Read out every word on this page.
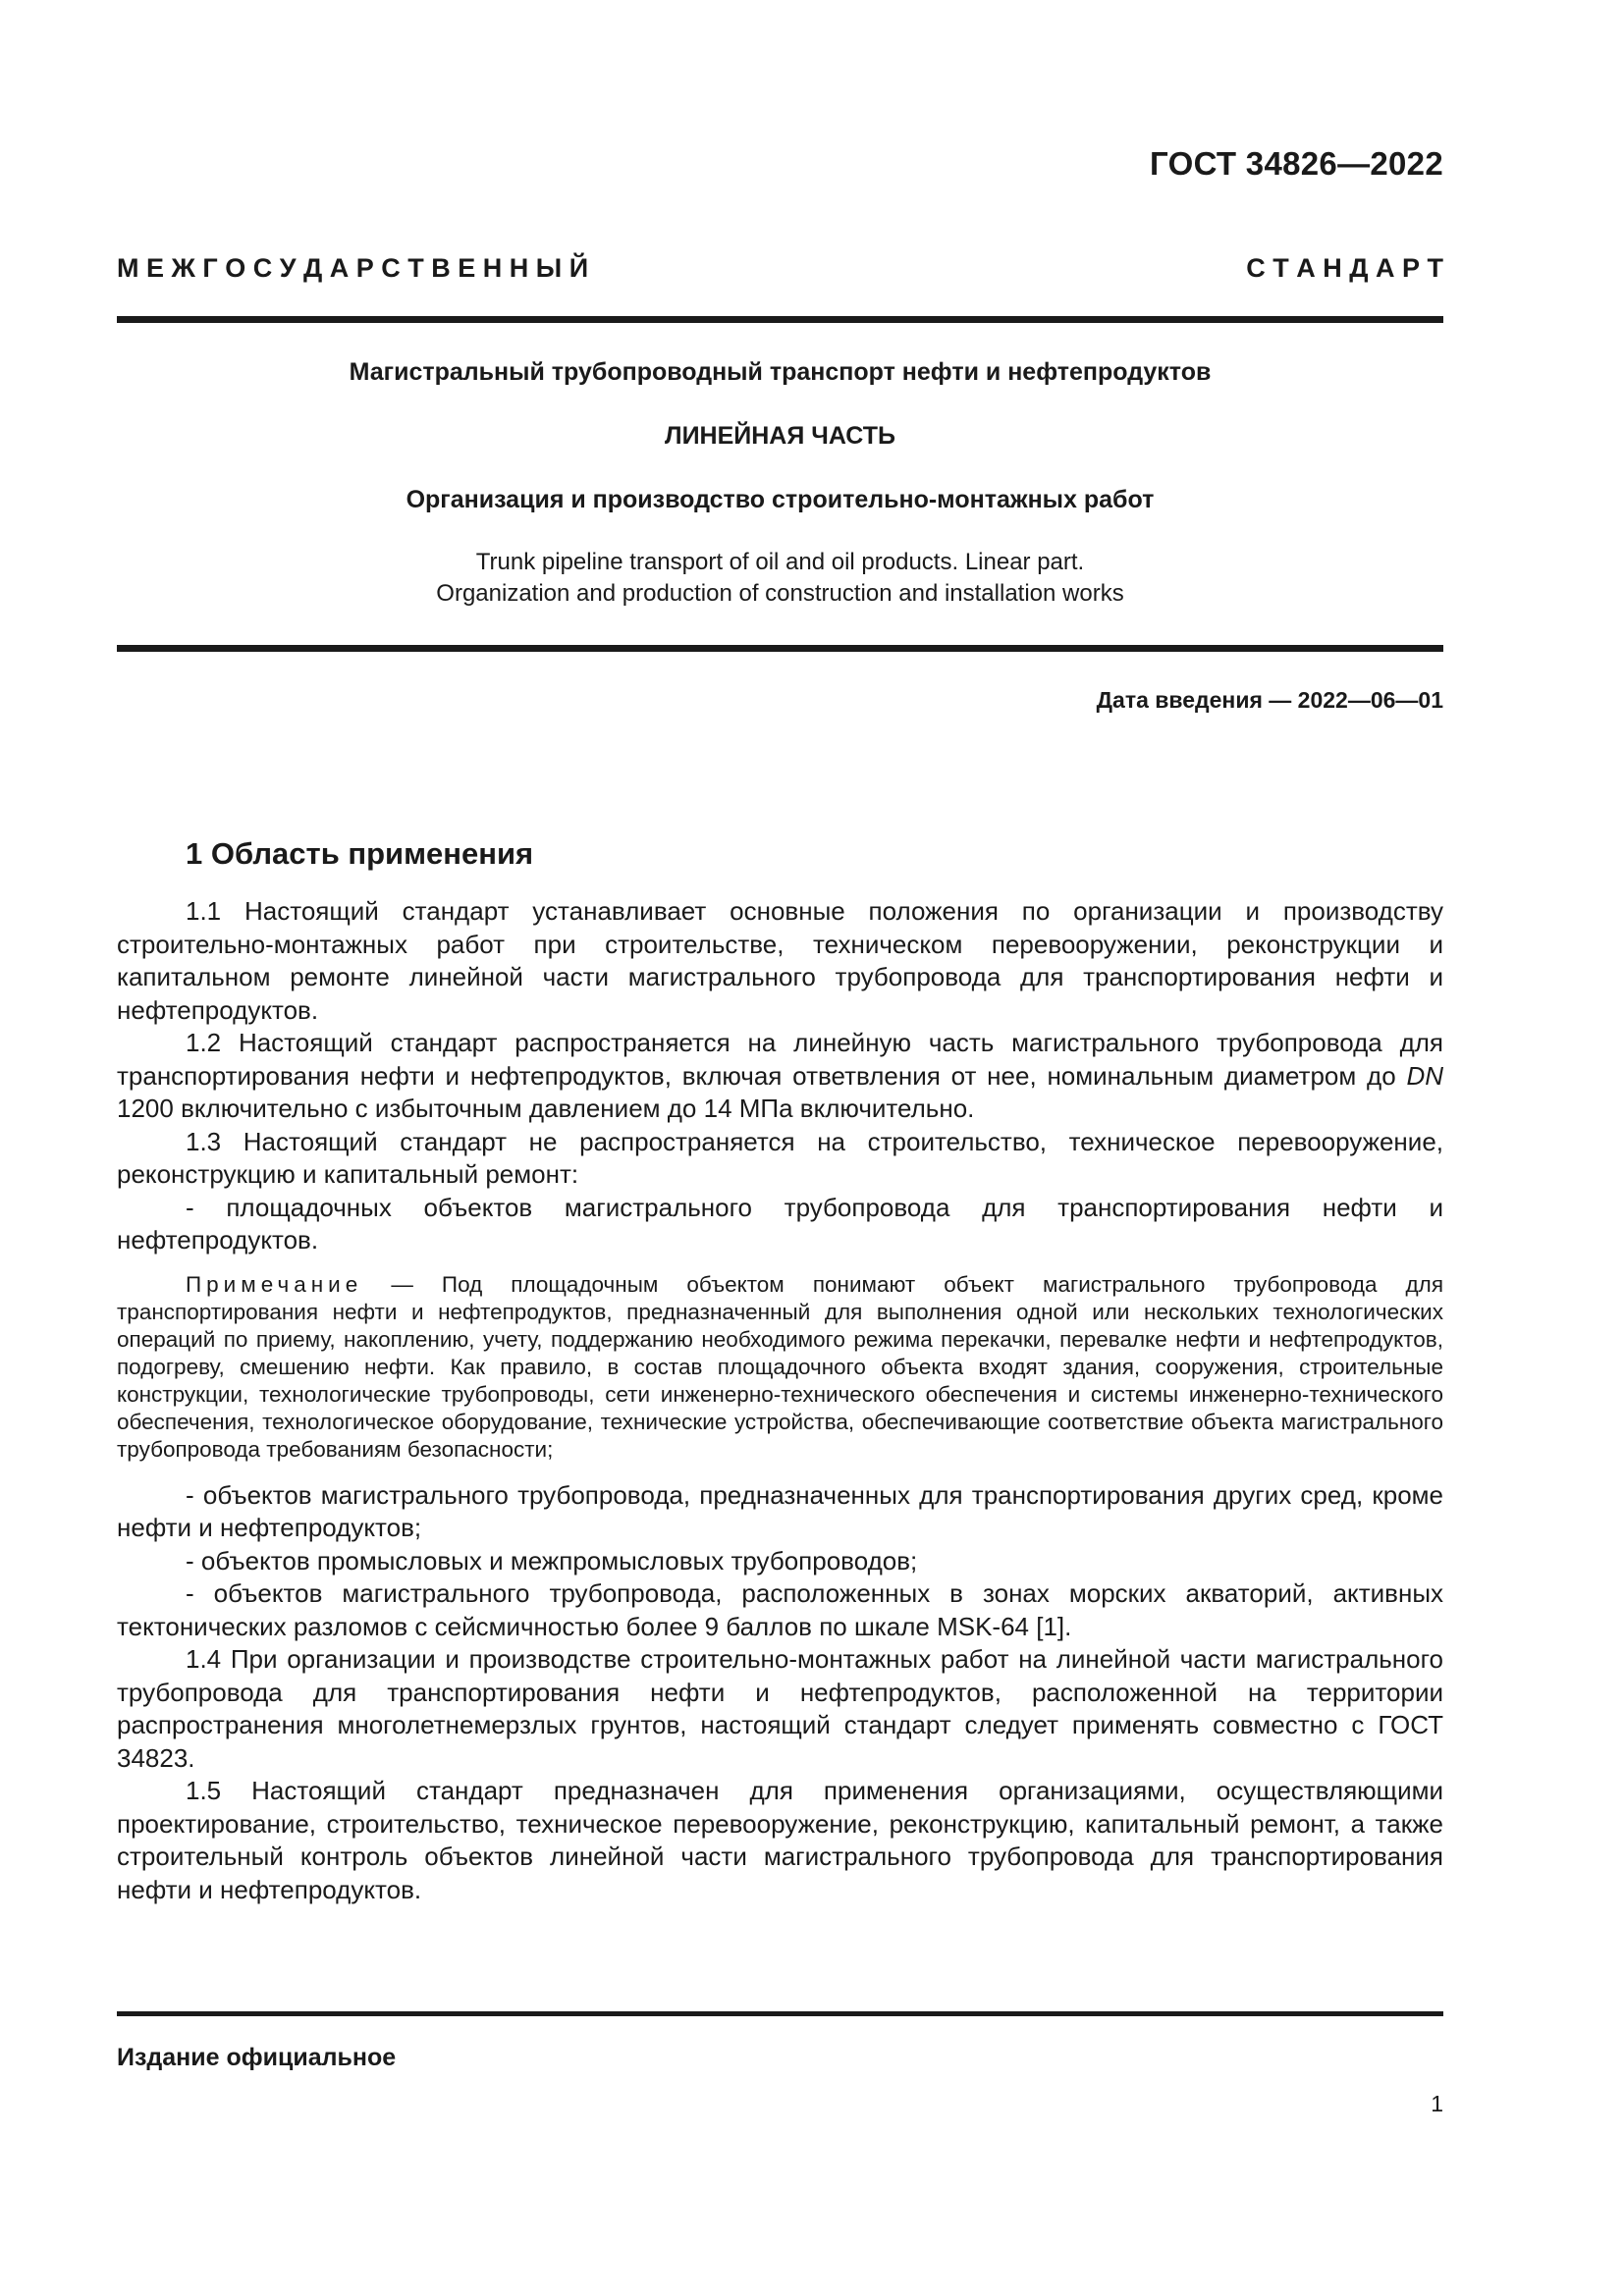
ГОСТ 34826—2022
М Е Ж Г О С У Д А Р С Т В Е Н Н Ы Й	С Т А Н Д А Р Т
Магистральный трубопроводный транспорт нефти и нефтепродуктов
ЛИНЕЙНАЯ ЧАСТЬ
Организация и производство строительно-монтажных работ
Trunk pipeline transport of oil and oil products. Linear part.
Organization and production of construction and installation works
Дата введения — 2022—06—01
1 Область применения

1.1 Настоящий стандарт устанавливает основные положения по организации и производству строительно-монтажных работ при строительстве, техническом перевооружении, реконструкции и капитальном ремонте линейной части магистрального трубопровода для транспортирования нефти и нефтепродуктов.

1.2 Настоящий стандарт распространяется на линейную часть магистрального трубопровода для транспортирования нефти и нефтепродуктов, включая ответвления от нее, номинальным диаметром до DN 1200 включительно с избыточным давлением до 14 МПа включительно.

1.3 Настоящий стандарт не распространяется на строительство, техническое перевооружение, реконструкцию и капитальный ремонт:

- площадочных объектов магистрального трубопровода для транспортирования нефти и нефтепродуктов.

Примечание — Под площадочным объектом понимают объект магистрального трубопровода для транспортирования нефти и нефтепродуктов, предназначенный для выполнения одной или нескольких технологических операций по приему, накоплению, учету, поддержанию необходимого режима перекачки, перевалке нефти и нефтепродуктов, подогреву, смешению нефти. Как правило, в состав площадочного объекта входят здания, сооружения, строительные конструкции, технологические трубопроводы, сети инженерно-технического обеспечения и системы инженерно-технического обеспечения, технологическое оборудование, технические устройства, обеспечивающие соответствие объекта магистрального трубопровода требованиям безопасности;

- объектов магистрального трубопровода, предназначенных для транспортирования других сред, кроме нефти и нефтепродуктов;

- объектов промысловых и межпромысловых трубопроводов;

- объектов магистрального трубопровода, расположенных в зонах морских акваторий, активных тектонических разломов с сейсмичностью более 9 баллов по шкале MSK-64 [1].

1.4 При организации и производстве строительно-монтажных работ на линейной части магистрального трубопровода для транспортирования нефти и нефтепродуктов, расположенной на территории распространения многолетнемерзлых грунтов, настоящий стандарт следует применять совместно с ГОСТ 34823.

1.5 Настоящий стандарт предназначен для применения организациями, осуществляющими проектирование, строительство, техническое перевооружение, реконструкцию, капитальный ремонт, а также строительный контроль объектов линейной части магистрального трубопровода для транспортирования нефти и нефтепродуктов.

Издание официальное
1
